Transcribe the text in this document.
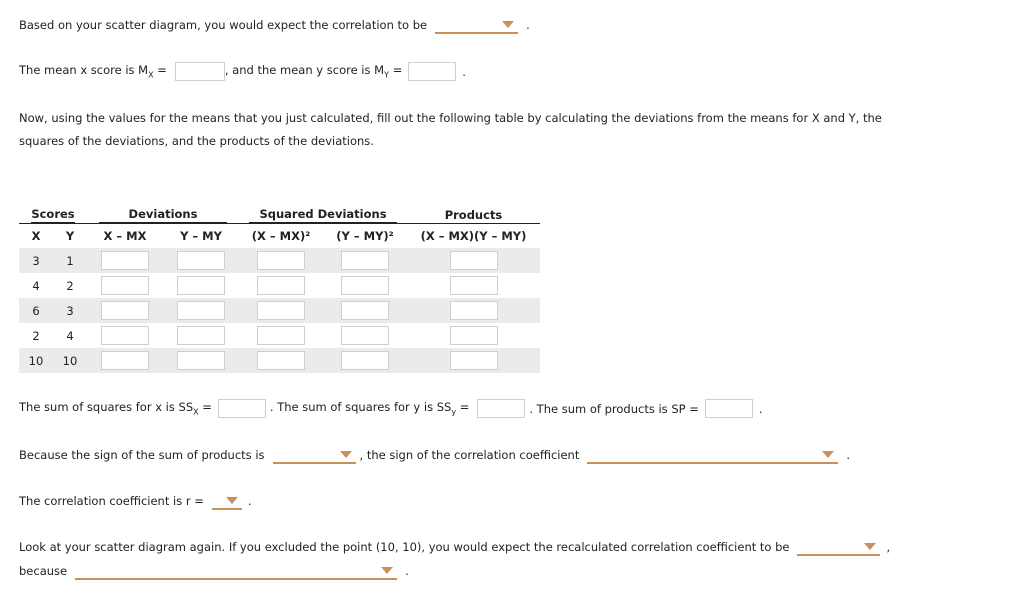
Based on your scatter diagram, you would expect the correlation to be	.
The mean x score is $M_X$ =	, and the mean y score is $M_Y$ =	.
Now, using the values for the means that you just calculated, fill out the following table by calculating the deviations from the means for X and Y, the squares of the deviations, and the products of the deviations.
Scores		Deviations		Squared Deviations		Products
X	Y	X – MX	Y – MY	(X – MX)²	(Y – MY)²	(X – MX)(Y – MY)
3	1					
4	2					
6	3					
2	4					
10	10					
The sum of squares for x is $SS_X$ =	. The sum of squares for y is $SS_y$ =	. The sum of products is SP =	.
Because the sign of the sum of products is	, the sign of the correlation coefficient	.
The correlation coefficient is r =	.
Look at your scatter diagram again. If you excluded the point (10, 10), you would expect the recalculated correlation coefficient to be	,
because	.
